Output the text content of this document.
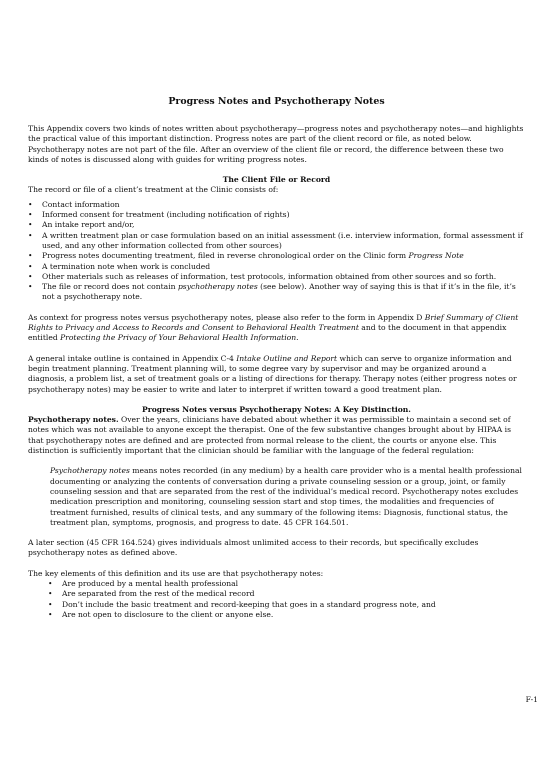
Progress Notes and Psychotherapy Notes

This Appendix covers two kinds of notes written about psychotherapy—progress notes and psychotherapy notes—and highlights the practical value of this important distinction. Progress notes are part of the client record or file, as noted below. Psychotherapy notes are not part of the file. After an overview of the client file or record, the difference between these two kinds of notes is discussed along with guides for writing progress notes.

The Client File or Record

The record or file of a client’s treatment at the Clinic consists of:

•	Contact information
•	Informed consent for treatment (including notification of rights)
•	An intake report and/or,
•	A written treatment plan or case formulation based on an initial assessment (i.e. interview information, formal assessment if used, and any other information collected from other sources)
•	Progress notes documenting treatment, filed in reverse chronological order on the Clinic form Progress Note
•	A termination note when work is concluded
•	Other materials such as releases of information, test protocols, information obtained from other sources and so forth.
•	The file or record does not contain psychotherapy notes (see below). Another way of saying this is that if it’s in the file, it’s not a psychotherapy note.

As context for progress notes versus psychotherapy notes, please also refer to the form in Appendix D Brief Summary of Client Rights to Privacy and Access to Records and Consent to Behavioral Health Treatment and to the document in that appendix entitled Protecting the Privacy of Your Behavioral Health Information.

A general intake outline is contained in Appendix C-4 Intake Outline and Report which can serve to organize information and begin treatment planning. Treatment planning will, to some degree vary by supervisor and may be organized around a diagnosis, a problem list, a set of treatment goals or a listing of directions for therapy. Therapy notes (either progress notes or psychotherapy notes) may be easier to write and later to interpret if written toward a good treatment plan.

Progress Notes versus Psychotherapy Notes: A Key Distinction.

Psychotherapy notes. Over the years, clinicians have debated about whether it was permissible to maintain a second set of notes which was not available to anyone except the therapist. One of the few substantive changes brought about by HIPAA is that psychotherapy notes are defined and are protected from normal release to the client, the courts or anyone else. This distinction is sufficiently important that the clinician should be familiar with the language of the federal regulation:

Psychotherapy notes means notes recorded (in any medium) by a health care provider who is a mental health professional documenting or analyzing the contents of conversation during a private counseling session or a group, joint, or family counseling session and that are separated from the rest of the individual’s medical record. Psychotherapy notes excludes medication prescription and monitoring, counseling session start and stop times, the modalities and frequencies of treatment furnished, results of clinical tests, and any summary of the following items: Diagnosis, functional status, the treatment plan, symptoms, prognosis, and progress to date. 45 CFR 164.501.

A later section (45 CFR 164.524) gives individuals almost unlimited access to their records, but specifically excludes psychotherapy notes as defined above.

The key elements of this definition and its use are that psychotherapy notes:

• Are produced by a mental health professional
• Are separated from the rest of the medical record
• Don’t include the basic treatment and record-keeping that goes in a standard progress note, and
• Are not open to disclosure to the client or anyone else.
F-1
